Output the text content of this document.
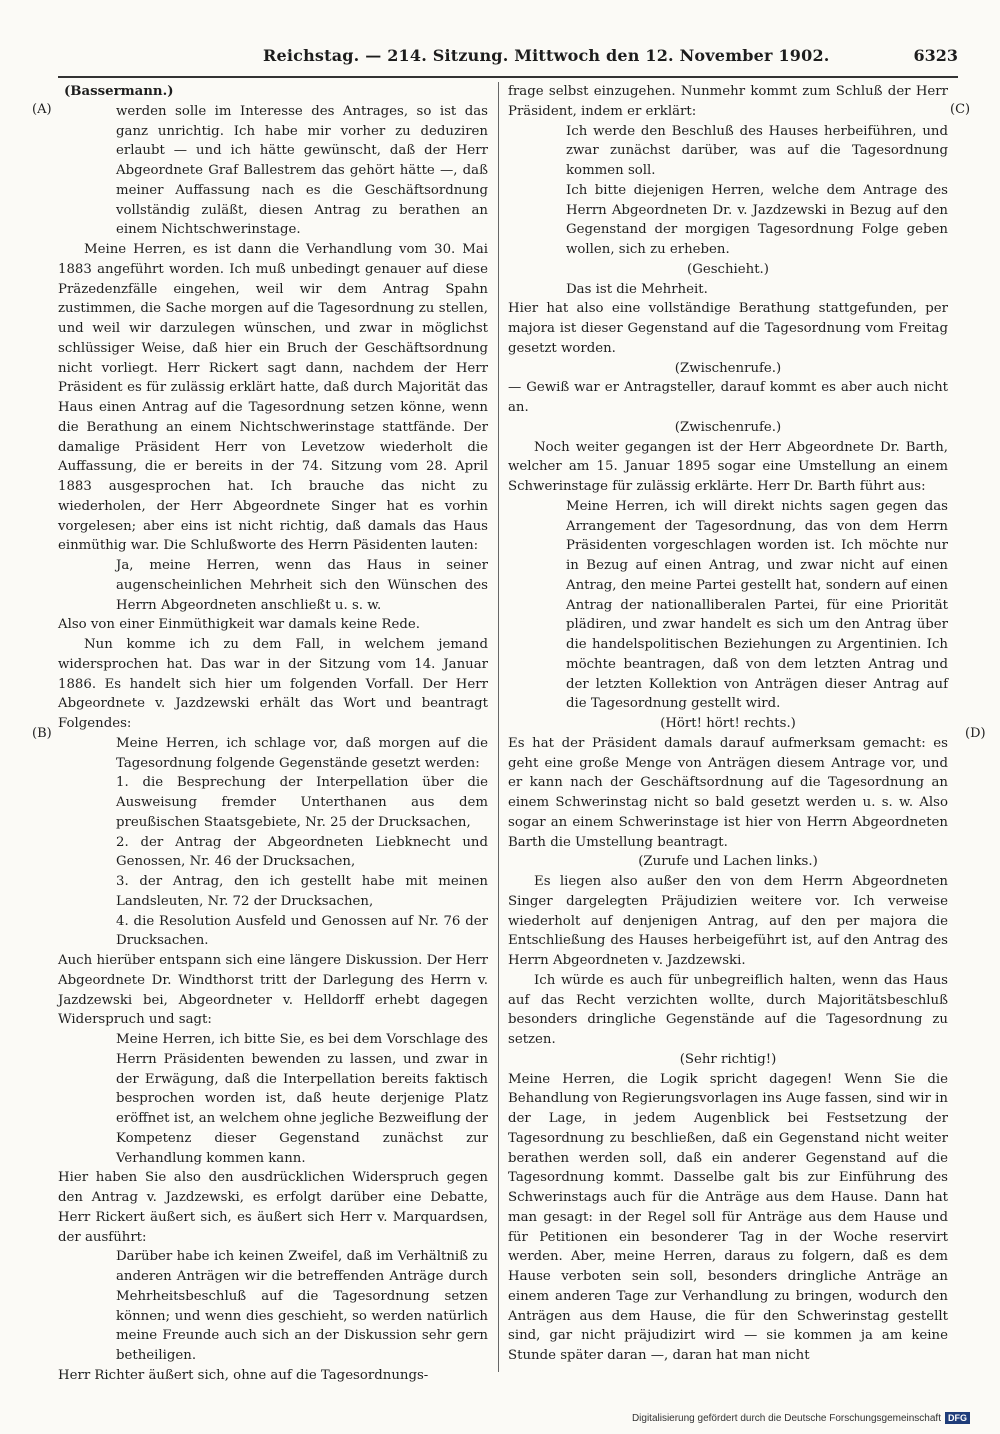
Reichstag. — 214. Sitzung. Mittwoch den 12. November 1902.	6323
(A)
(B)
(C)
(D)

(Bassermann.)

werden solle im Interesse des Antrages, so ist das ganz unrichtig. Ich habe mir vorher zu deduziren erlaubt — und ich hätte gewünscht, daß der Herr Abgeordnete Graf Ballestrem das gehört hätte —, daß meiner Auffassung nach es die Geschäftsordnung vollständig zuläßt, diesen Antrag zu berathen an einem Nichtschwerinstage.

Meine Herren, es ist dann die Verhandlung vom 30. Mai 1883 angeführt worden. Ich muß unbedingt genauer auf diese Präzedenzfälle eingehen, weil wir dem Antrag Spahn zustimmen, die Sache morgen auf die Tagesordnung zu stellen, und weil wir darzulegen wünschen, und zwar in möglichst schlüssiger Weise, daß hier ein Bruch der Geschäftsordnung nicht vorliegt. Herr Rickert sagt dann, nachdem der Herr Präsident es für zulässig erklärt hatte, daß durch Majorität das Haus einen Antrag auf die Tagesordnung setzen könne, wenn die Berathung an einem Nichtschwerinstage stattfände. Der damalige Präsident Herr von Levetzow wiederholt die Auffassung, die er bereits in der 74. Sitzung vom 28. April 1883 ausgesprochen hat. Ich brauche das nicht zu wiederholen, der Herr Abgeordnete Singer hat es vorhin vorgelesen; aber eins ist nicht richtig, daß damals das Haus einmüthig war. Die Schlußworte des Herrn Päsidenten lauten:

Ja, meine Herren, wenn das Haus in seiner augenscheinlichen Mehrheit sich den Wünschen des Herrn Abgeordneten anschließt u. s. w.

Also von einer Einmüthigkeit war damals keine Rede.

Nun komme ich zu dem Fall, in welchem jemand widersprochen hat. Das war in der Sitzung vom 14. Januar 1886. Es handelt sich hier um folgenden Vorfall. Der Herr Abgeordnete v. Jazdzewski erhält das Wort und beantragt Folgendes:

Meine Herren, ich schlage vor, daß morgen auf die Tagesordnung folgende Gegenstände gesetzt werden:

1. die Besprechung der Interpellation über die Ausweisung fremder Unterthanen aus dem preußischen Staatsgebiete, Nr. 25 der Drucksachen,

2. der Antrag der Abgeordneten Liebknecht und Genossen, Nr. 46 der Drucksachen,

3. der Antrag, den ich gestellt habe mit meinen Landsleuten, Nr. 72 der Drucksachen,

4. die Resolution Ausfeld und Genossen auf Nr. 76 der Drucksachen.

Auch hierüber entspann sich eine längere Diskussion. Der Herr Abgeordnete Dr. Windthorst tritt der Darlegung des Herrn v. Jazdzewski bei, Abgeordneter v. Helldorff erhebt dagegen Widerspruch und sagt:

Meine Herren, ich bitte Sie, es bei dem Vorschlage des Herrn Präsidenten bewenden zu lassen, und zwar in der Erwägung, daß die Interpellation bereits faktisch besprochen worden ist, daß heute derjenige Platz eröffnet ist, an welchem ohne jegliche Bezweiflung der Kompetenz dieser Gegenstand zunächst zur Verhandlung kommen kann.

Hier haben Sie also den ausdrücklichen Widerspruch gegen den Antrag v. Jazdzewski, es erfolgt darüber eine Debatte, Herr Rickert äußert sich, es äußert sich Herr v. Marquardsen, der ausführt:

Darüber habe ich keinen Zweifel, daß im Verhältniß zu anderen Anträgen wir die betreffenden Anträge durch Mehrheitsbeschluß auf die Tagesordnung setzen können; und wenn dies geschieht, so werden natürlich meine Freunde auch sich an der Diskussion sehr gern betheiligen.

Herr Richter äußert sich, ohne auf die Tagesordnungs-

frage selbst einzugehen. Nunmehr kommt zum Schluß der Herr Präsident, indem er erklärt:

Ich werde den Beschluß des Hauses herbeiführen, und zwar zunächst darüber, was auf die Tagesordnung kommen soll.

Ich bitte diejenigen Herren, welche dem Antrage des Herrn Abgeordneten Dr. v. Jazdzewski in Bezug auf den Gegenstand der morgigen Tagesordnung Folge geben wollen, sich zu erheben.

(Geschieht.)

Das ist die Mehrheit.

Hier hat also eine vollständige Berathung stattgefunden, per majora ist dieser Gegenstand auf die Tagesordnung vom Freitag gesetzt worden.

(Zwischenrufe.)

— Gewiß war er Antragsteller, darauf kommt es aber auch nicht an.

(Zwischenrufe.)

Noch weiter gegangen ist der Herr Abgeordnete Dr. Barth, welcher am 15. Januar 1895 sogar eine Umstellung an einem Schwerinstage für zulässig erklärte. Herr Dr. Barth führt aus:

Meine Herren, ich will direkt nichts sagen gegen das Arrangement der Tagesordnung, das von dem Herrn Präsidenten vorgeschlagen worden ist. Ich möchte nur in Bezug auf einen Antrag, und zwar nicht auf einen Antrag, den meine Partei gestellt hat, sondern auf einen Antrag der nationalliberalen Partei, für eine Priorität plädiren, und zwar handelt es sich um den Antrag über die handelspolitischen Beziehungen zu Argentinien. Ich möchte beantragen, daß von dem letzten Antrag und der letzten Kollektion von Anträgen dieser Antrag auf die Tagesordnung gestellt wird.

(Hört! hört! rechts.)

Es hat der Präsident damals darauf aufmerksam gemacht: es geht eine große Menge von Anträgen diesem Antrage vor, und er kann nach der Geschäftsordnung auf die Tagesordnung an einem Schwerinstag nicht so bald gesetzt werden u. s. w. Also sogar an einem Schwerinstage ist hier von Herrn Abgeordneten Barth die Umstellung beantragt.

(Zurufe und Lachen links.)

Es liegen also außer den von dem Herrn Abgeordneten Singer dargelegten Präjudizien weitere vor. Ich verweise wiederholt auf denjenigen Antrag, auf den per majora die Entschließung des Hauses herbeigeführt ist, auf den Antrag des Herrn Abgeordneten v. Jazdzewski.

Ich würde es auch für unbegreiflich halten, wenn das Haus auf das Recht verzichten wollte, durch Majoritätsbeschluß besonders dringliche Gegenstände auf die Tagesordnung zu setzen.

(Sehr richtig!)

Meine Herren, die Logik spricht dagegen! Wenn Sie die Behandlung von Regierungsvorlagen ins Auge fassen, sind wir in der Lage, in jedem Augenblick bei Festsetzung der Tagesordnung zu beschließen, daß ein Gegenstand nicht weiter berathen werden soll, daß ein anderer Gegenstand auf die Tagesordnung kommt. Dasselbe galt bis zur Einführung des Schwerinstags auch für die Anträge aus dem Hause. Dann hat man gesagt: in der Regel soll für Anträge aus dem Hause und für Petitionen ein besonderer Tag in der Woche reservirt werden. Aber, meine Herren, daraus zu folgern, daß es dem Hause verboten sein soll, besonders dringliche Anträge an einem anderen Tage zur Verhandlung zu bringen, wodurch den Anträgen aus dem Hause, die für den Schwerinstag gestellt sind, gar nicht präjudizirt wird — sie kommen ja am keine Stunde später daran —, daran hat man nicht

Digitalisierung gefördert durch die Deutsche Forschungsgemeinschaft DFG
